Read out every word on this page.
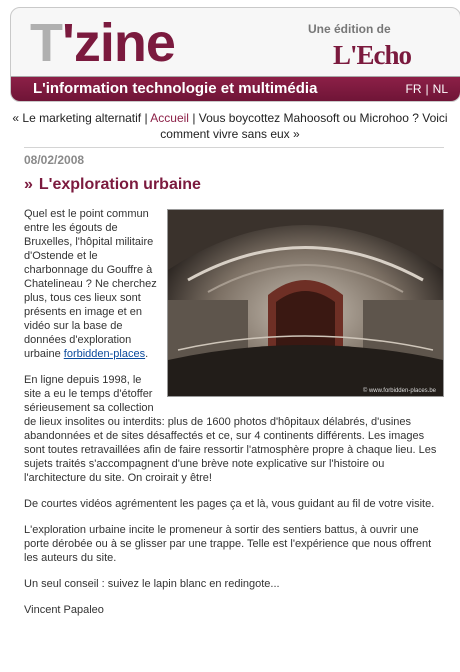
T'zine	Une édition de
L'Echo
L'information technologie et multimédia	FR | NL
« Le marketing alternatif | Accueil | Vous boycottez Mahoosoft ou Microhoo ? Voici comment vivre sans eux »
08/02/2008
» L'exploration urbaine
© www.forbidden-places.be

Quel est le point commun entre les égouts de Bruxelles, l'hôpital militaire d'Ostende et le charbonnage du Gouffre à Chatelineau ? Ne cherchez plus, tous ces lieux sont présents en image et en vidéo sur la base de données d'exploration urbaine forbidden-places.

En ligne depuis 1998, le site a eu le temps d'étoffer sérieusement sa collection de lieux insolites ou interdits: plus de 1600 photos d'hôpitaux délabrés, d'usines abandonnées et de sites désaffectés et ce, sur 4 continents différents. Les images sont toutes retravaillées afin de faire ressortir l'atmosphère propre à chaque lieu. Les sujets traités s'accompagnent d'une brève note explicative sur l'histoire ou l'architecture du site. On croirait y être!

De courtes vidéos agrémentent les pages ça et là, vous guidant au fil de votre visite.

L'exploration urbaine incite le promeneur à sortir des sentiers battus, à ouvrir une porte dérobée ou à se glisser par une trappe. Telle est l'expérience que nous offrent les auteurs du site.

Un seul conseil : suivez le lapin blanc en redingote...

Vincent Papaleo
